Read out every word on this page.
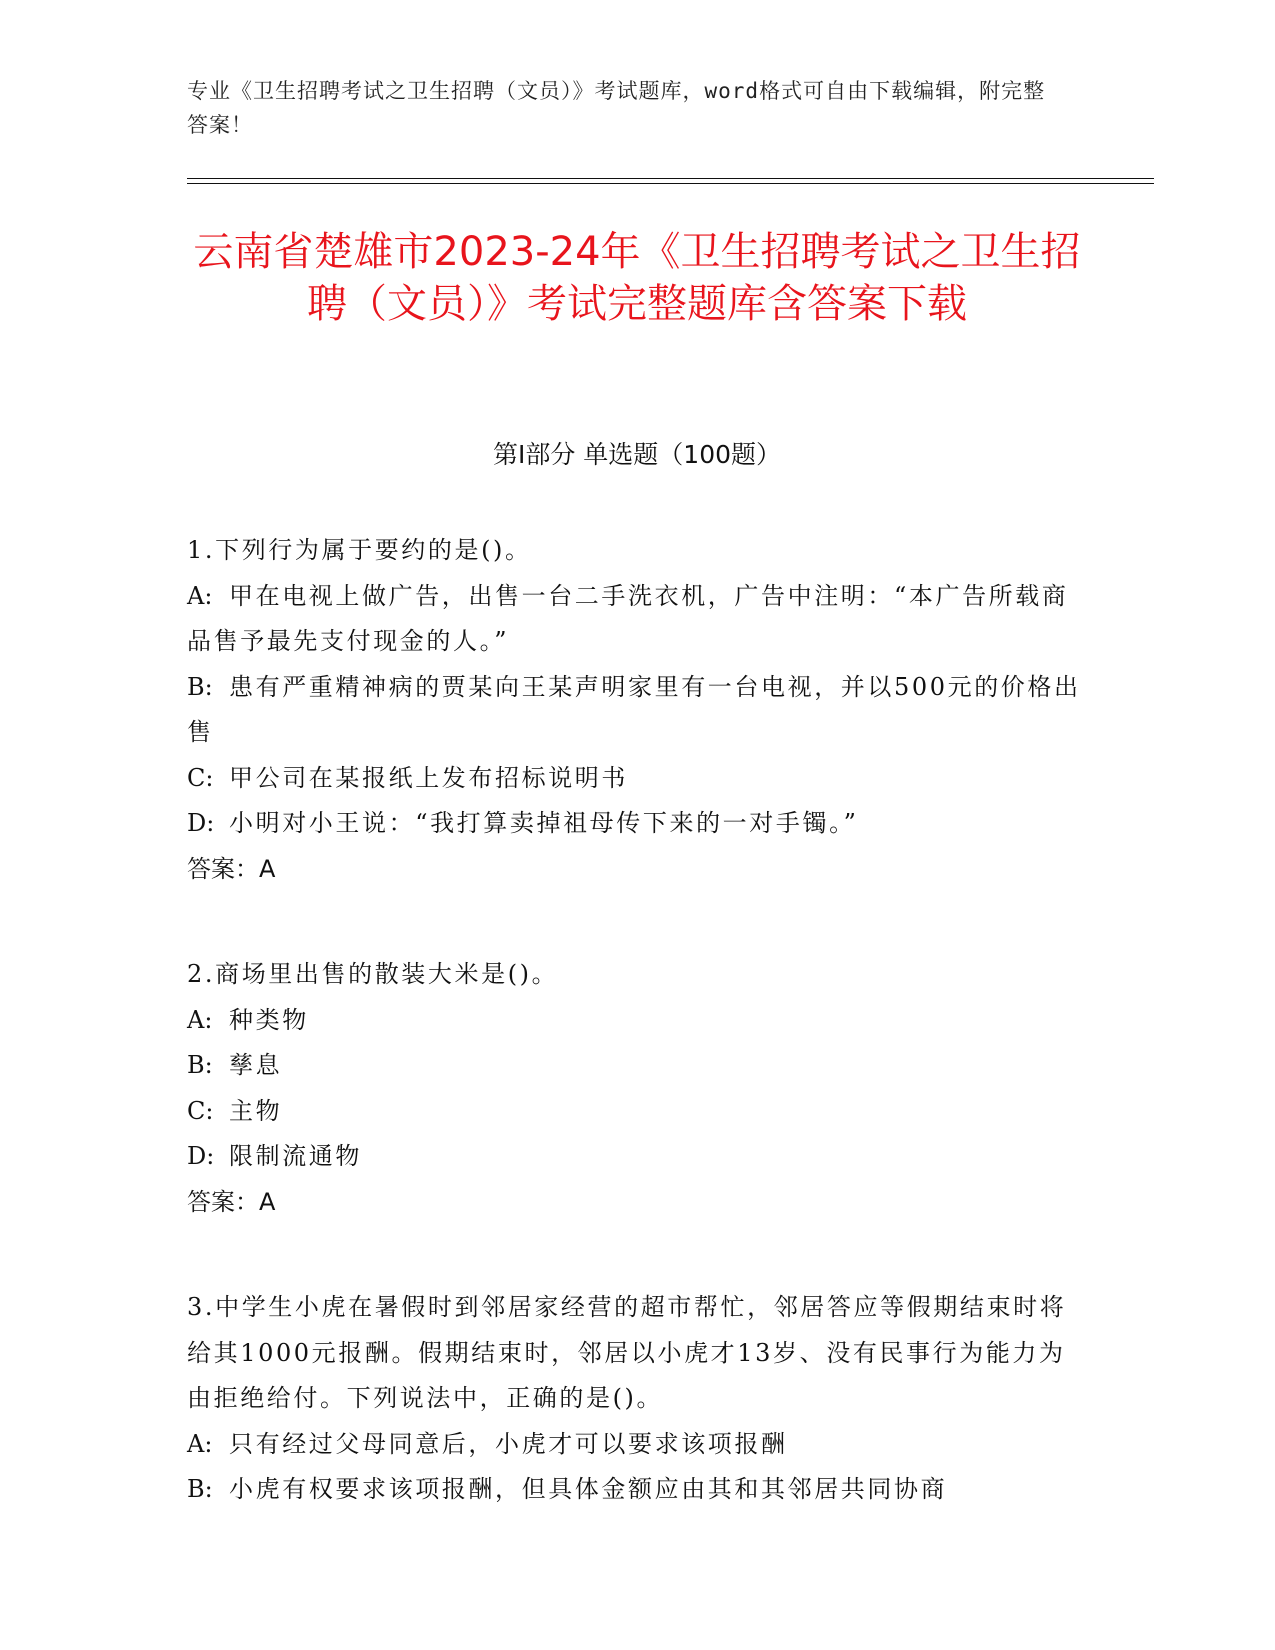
专业《卫生招聘考试之卫生招聘（文员）》考试题库，word格式可自由下载编辑，附完整答案！
云南省楚雄市2023-24年《卫生招聘考试之卫生招聘（文员）》考试完整题库含答案下载
第I部分 单选题（100题）

1.下列行为属于要约的是()。

A: 甲在电视上做广告，出售一台二手洗衣机，广告中注明：“本广告所载商品售予最先支付现金的人。”

B: 患有严重精神病的贾某向王某声明家里有一台电视，并以500元的价格出售

C: 甲公司在某报纸上发布招标说明书

D: 小明对小王说：“我打算卖掉祖母传下来的一对手镯。”

答案：A

2.商场里出售的散装大米是()。

A: 种类物

B: 孳息

C: 主物

D: 限制流通物

答案：A

3.中学生小虎在暑假时到邻居家经营的超市帮忙，邻居答应等假期结束时将给其1000元报酬。假期结束时，邻居以小虎才13岁、没有民事行为能力为由拒绝给付。下列说法中，正确的是()。

A: 只有经过父母同意后，小虎才可以要求该项报酬

B: 小虎有权要求该项报酬，但具体金额应由其和其邻居共同协商
